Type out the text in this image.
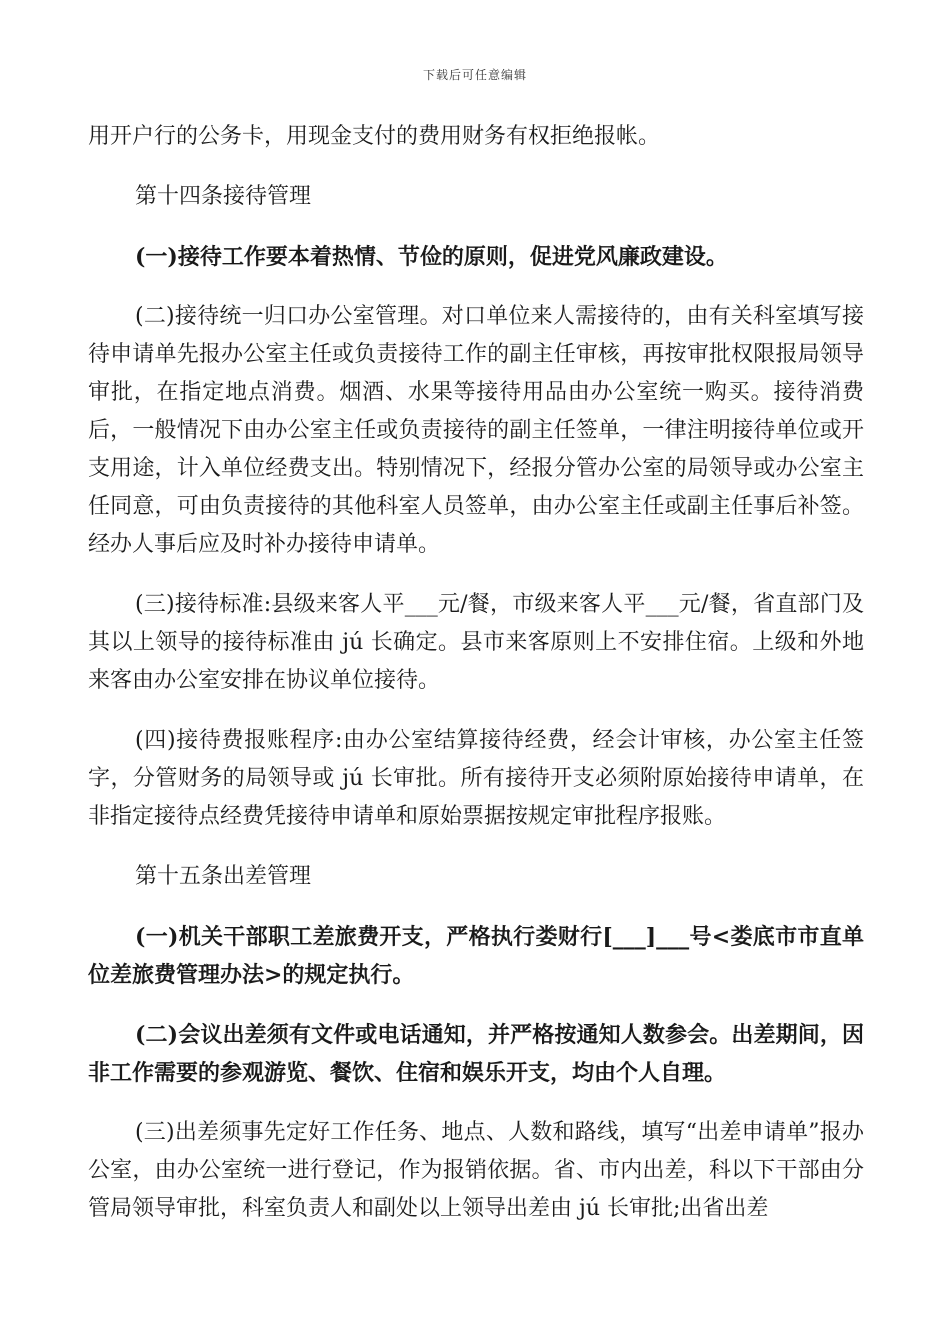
下载后可任意编辑

用开户行的公务卡，用现金支付的费用财务有权拒绝报帐。

第十四条接待管理

(一)接待工作要本着热情、节俭的原则，促进党风廉政建设。

(二)接待统一归口办公室管理。对口单位来人需接待的，由有关科室填写接待申请单先报办公室主任或负责接待工作的副主任审核，再按审批权限报局领导审批，在指定地点消费。烟酒、水果等接待用品由办公室统一购买。接待消费后，一般情况下由办公室主任或负责接待的副主任签单，一律注明接待单位或开支用途，计入单位经费支出。特别情况下，经报分管办公室的局领导或办公室主任同意，可由负责接待的其他科室人员签单，由办公室主任或副主任事后补签。经办人事后应及时补办接待申请单。

(三)接待标准:县级来客人平___元/餐，市级来客人平___元/餐，省直部门及其以上领导的接待标准由 jú 长确定。县市来客原则上不安排住宿。上级和外地来客由办公室安排在协议单位接待。

(四)接待费报账程序:由办公室结算接待经费，经会计审核，办公室主任签字，分管财务的局领导或 jú 长审批。所有接待开支必须附原始接待申请单，在非指定接待点经费凭接待申请单和原始票据按规定审批程序报账。

第十五条出差管理

(一)机关干部职工差旅费开支，严格执行娄财行[___]___号<娄底市市直单位差旅费管理办法>的规定执行。

(二)会议出差须有文件或电话通知，并严格按通知人数参会。出差期间，因非工作需要的参观游览、餐饮、住宿和娱乐开支，均由个人自理。

(三)出差须事先定好工作任务、地点、人数和路线，填写“出差申请单”报办公室，由办公室统一进行登记，作为报销依据。省、市内出差，科以下干部由分管局领导审批，科室负责人和副处以上领导出差由 jú 长审批;出省出差
